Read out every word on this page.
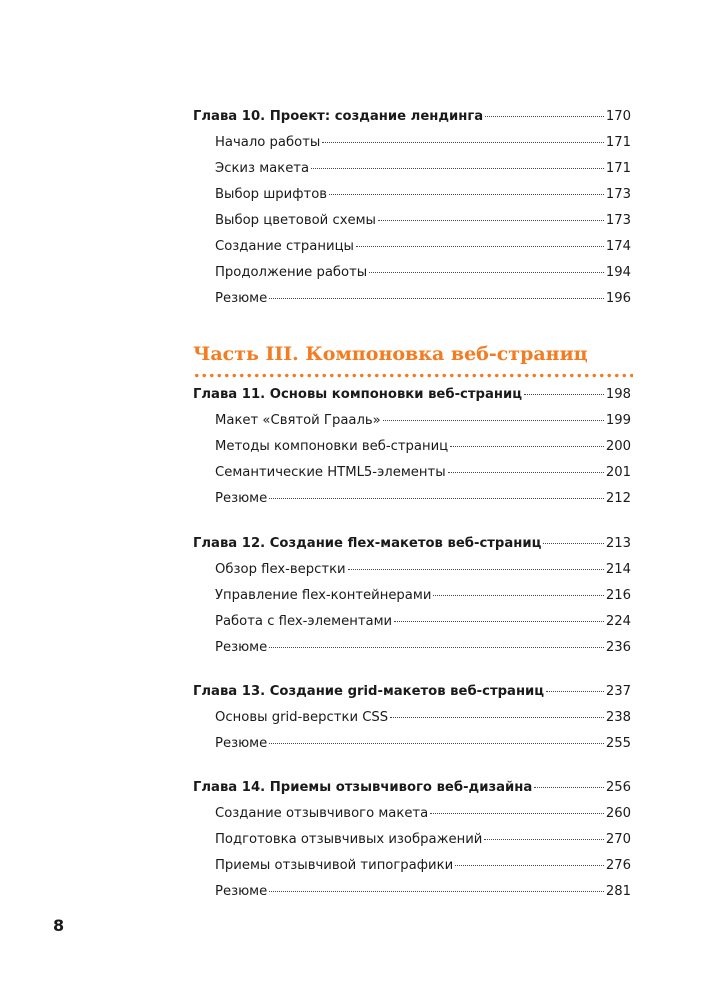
Часть III. Компоновка веб-страниц
Глава 10. Проект: создание лендинга	170
Начало работы	171
Эскиз макета	171
Выбор шрифтов	173
Выбор цветовой схемы	173
Создание страницы	174
Продолжение работы	194
Резюме	196
Глава 11. Основы компоновки веб-страниц	198
Макет «Святой Грааль»	199
Методы компоновки веб-страниц	200
Семантические HTML5-элементы	201
Резюме	212
Глава 12. Создание flex-макетов веб-страниц	213
Обзор flex-верстки	214
Управление flex-контейнерами	216
Работа с flex-элементами	224
Резюме	236
Глава 13. Создание grid-макетов веб-страниц	237
Основы grid-верстки CSS	238
Резюме	255
Глава 14. Приемы отзывчивого веб-дизайна	256
Создание отзывчивого макета	260
Подготовка отзывчивых изображений	270
Приемы отзывчивой типографики	276
Резюме	281
8
